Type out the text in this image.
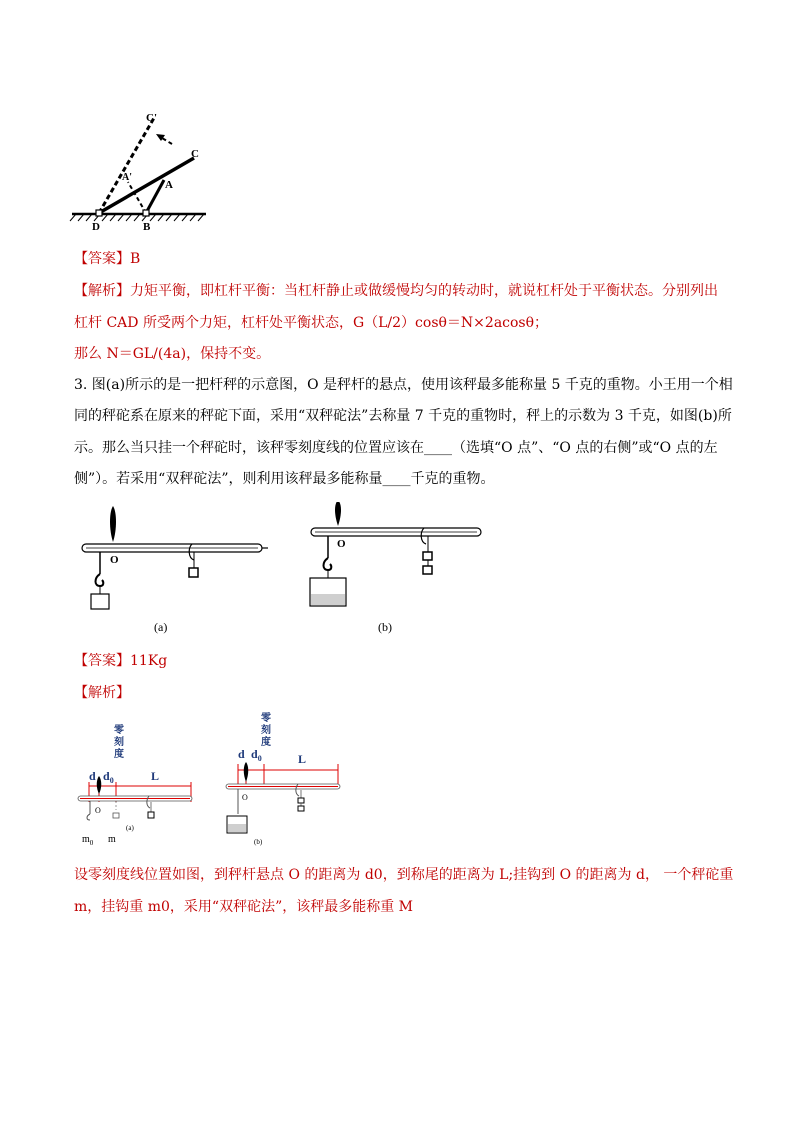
C'
A'
C
A
D	B
【答案】B
【解析】力矩平衡，即杠杆平衡：当杠杆静止或做缓慢均匀的转动时，就说杠杆处于平衡状态。分别列出
杠杆 CAD 所受两个力矩，杠杆处平衡状态，G（L/2）cosθ＝N×2acosθ；
那么 N＝GL/(4a)，保持不变。
3. 图(a)所示的是一把杆秤的示意图，O 是秤杆的悬点，使用该秤最多能称量 5 千克的重物。小王用一个相
同的秤砣系在原来的秤砣下面，采用“双秤砣法”去称量 7 千克的重物时，秤上的示数为 3 千克，如图(b)所
示。那么当只挂一个秤砣时，该秤零刻度线的位置应该在____（选填“O 点”、“O 点的右侧”或“O 点的左
侧”）。若采用“双秤砣法”，则利用该秤最多能称量____千克的重物。
O
(a)
O
(b)
【答案】11Kg
【解析】
零刻度
d $d_0$	L
O
$m_0$ m
(a)
零刻度
d $d_0$	L
O
(b)
设零刻度线位置如图，到秤杆悬点 O 的距离为 d0，到称尾的距离为 L;挂钩到 O 的距离为 d， 一个秤砣重
m，挂钩重 m0，采用“双秤砣法”，该秤最多能称重 M
